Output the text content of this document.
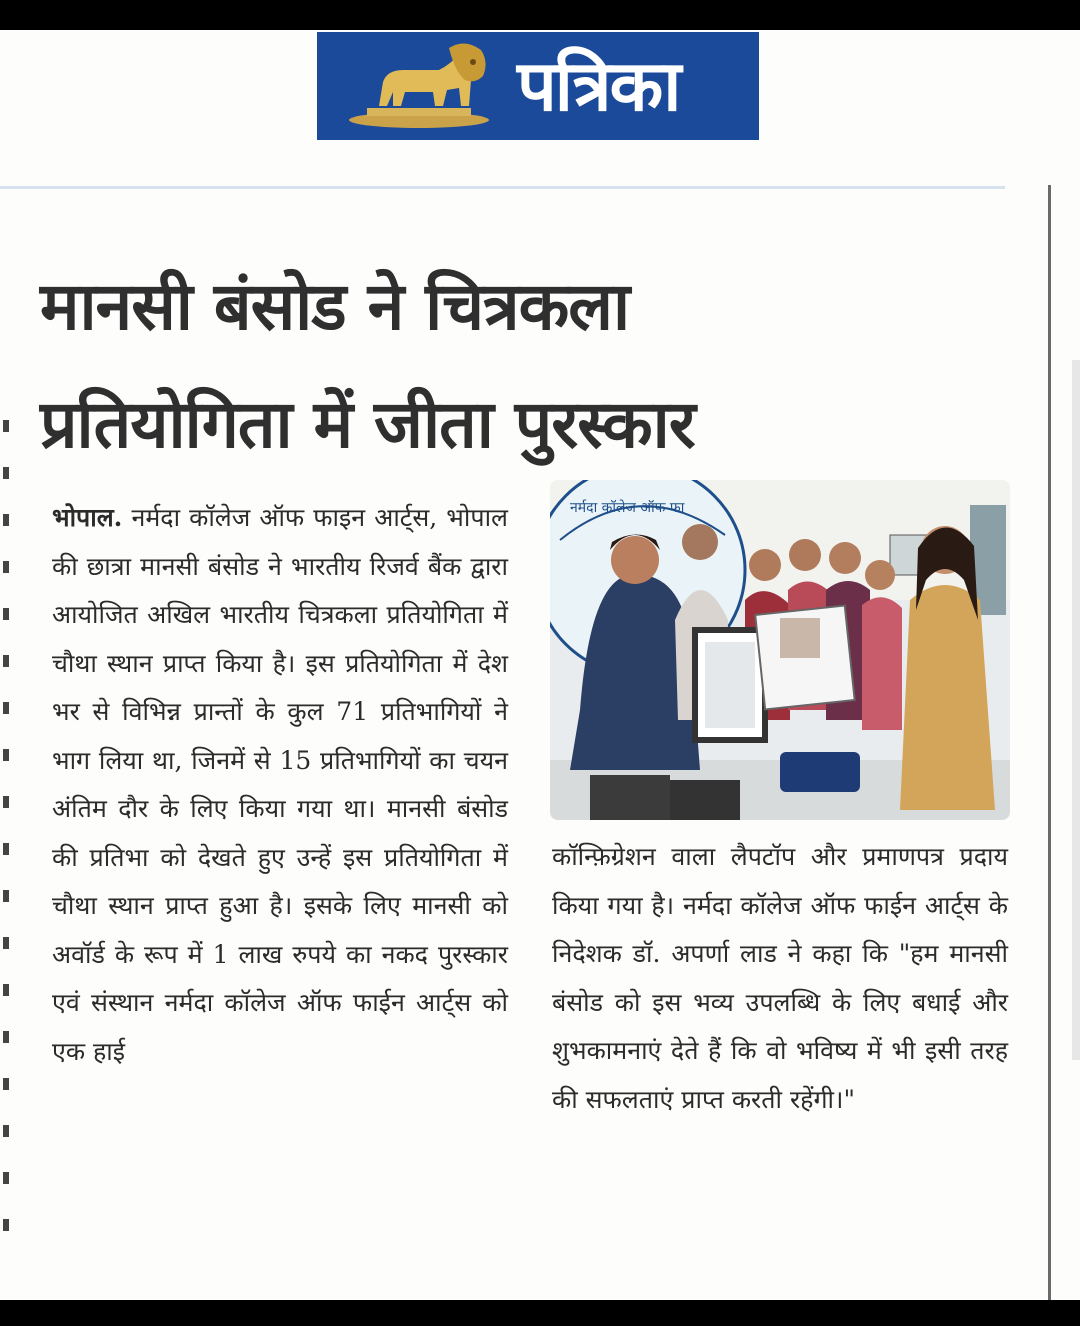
पत्रिका
मानसी बंसोड ने चित्रकला
प्रतियोगिता में जीता पुरस्कार
भोपाल. नर्मदा कॉलेज ऑफ फाइन आर्ट्स, भोपाल की छात्रा मानसी बंसोड ने भारतीय रिजर्व बैंक द्वारा आयोजित अखिल भारतीय चित्रकला प्रतियोगिता में चौथा स्थान प्राप्त किया है। इस प्रतियोगिता में देश भर से विभिन्न प्रान्तों के कुल 71 प्रतिभागियों ने भाग लिया था, जिनमें से 15 प्रतिभागियों का चयन अंतिम दौर के लिए किया गया था। मानसी बंसोड की प्रतिभा को देखते हुए उन्हें इस प्रतियोगिता में चौथा स्थान प्राप्त हुआ है। इसके लिए मानसी को अवॉर्ड के रूप में 1 लाख रुपये का नकद पुरस्कार एवं संस्थान नर्मदा कॉलेज ऑफ फाईन आर्ट्स को एक हाई
नर्मदा कॉलेज ऑफ फा
कॉन्फ़िग्रेशन वाला लैपटॉप और प्रमाणपत्र प्रदाय किया गया है। नर्मदा कॉलेज ऑफ फाईन आर्ट्स के निदेशक डॉ. अपर्णा लाड ने कहा कि "हम मानसी बंसोड को इस भव्य उपलब्धि के लिए बधाई और शुभकामनाएं देते हैं कि वो भविष्य में भी इसी तरह की सफलताएं प्राप्त करती रहेंगी।"
